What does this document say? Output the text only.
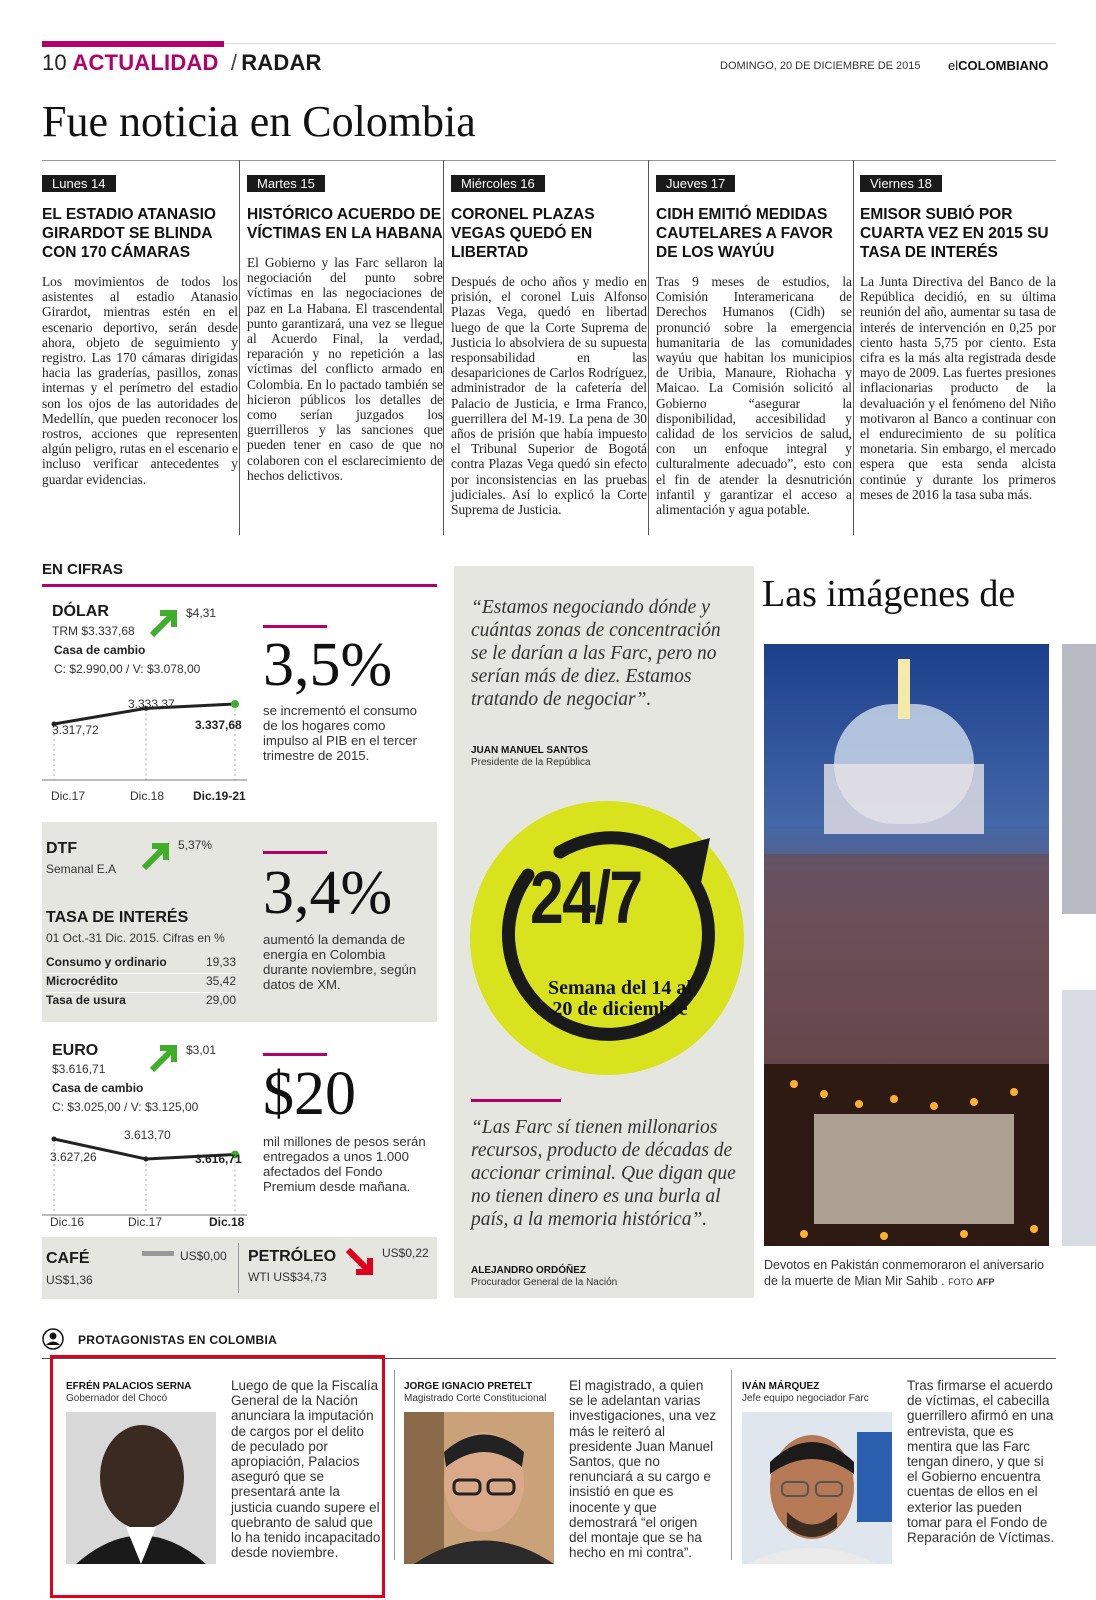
10 ACTUALIDAD / RADAR	DOMINGO, 20 DE DICIEMBRE DE 2015 elCOLOMBIANO
Fue noticia en Colombia
Lunes 14
EL ESTADIO ATANASIO GIRARDOT SE BLINDA CON 170 CÁMARAS

Los movimientos de todos los asistentes al estadio Atanasio Girardot, mientras estén en el escenario deportivo, serán desde ahora, objeto de seguimiento y registro. Las 170 cámaras dirigidas hacia las graderías, pasillos, zonas internas y el perímetro del estadio son los ojos de las autoridades de Medellín, que pueden reconocer los rostros, acciones que representen algún peligro, rutas en el escenario e incluso verificar antecedentes y guardar evidencias.

Martes 15
HISTÓRICO ACUERDO DE VÍCTIMAS EN LA HABANA

El Gobierno y las Farc sellaron la negociación del punto sobre víctimas en las negociaciones de paz en La Habana. El trascendental punto garantizará, una vez se llegue al Acuerdo Final, la verdad, reparación y no repetición a las víctimas del conflicto armado en Colombia. En lo pactado también se hicieron públicos los detalles de como serían juzgados los guerrilleros y las sanciones que pueden tener en caso de que no colaboren con el esclarecimiento de hechos delictivos.

Miércoles 16
CORONEL PLAZAS VEGAS QUEDÓ EN LIBERTAD

Después de ocho años y medio en prisión, el coronel Luis Alfonso Plazas Vega, quedó en libertad luego de que la Corte Suprema de Justicia lo absolviera de su supuesta responsabilidad en las desapariciones de Carlos Rodríguez, administrador de la cafetería del Palacio de Justicia, e Irma Franco, guerrillera del M-19. La pena de 30 años de prisión que había impuesto el Tribunal Superior de Bogotá contra Plazas Vega quedó sin efecto por inconsistencias en las pruebas judiciales. Así lo explicó la Corte Suprema de Justicia.

Jueves 17
CIDH EMITIÓ MEDIDAS CAUTELARES A FAVOR DE LOS WAYÚU

Tras 9 meses de estudios, la Comisión Interamericana de Derechos Humanos (Cidh) se pronunció sobre la emergencia humanitaria de las comunidades wayúu que habitan los municipios de Uribia, Manaure, Riohacha y Maicao. La Comisión solicitó al Gobierno “asegurar la disponibilidad, accesibilidad y calidad de los servicios de salud, con un enfoque integral y culturalmente adecuado”, esto con el fin de atender la desnutrición infantil y garantizar el acceso a alimentación y agua potable.

Viernes 18
EMISOR SUBIÓ POR CUARTA VEZ EN 2015 SU TASA DE INTERÉS

La Junta Directiva del Banco de la República decidió, en su última reunión del año, aumentar su tasa de interés de intervención en 0,25 por ciento hasta 5,75 por ciento. Esta cifra es la más alta registrada desde mayo de 2009. Las fuertes presiones inflacionarias producto de la devaluación y el fenómeno del Niño motivaron al Banco a continuar con el endurecimiento de su política monetaria. Sin embargo, el mercado espera que esta senda alcista continúe y durante los primeros meses de 2016 la tasa suba más.

EN CIFRAS
DÓLAR
TRM $3.337,68
$4,31
Casa de cambio
C: $2.990,00 / V: $3.078,00
3.317,72
3.333,37
3.337,68
Dic.17	Dic.18 Dic.19-21
3,5%
se incrementó el consumo de los hogares como impulso al PIB en el tercer trimestre de 2015.
DTF
Semanal E.A
5,37%
TASA DE INTERÉS
01 Oct.-31 Dic. 2015. Cifras en %
Consumo y ordinario	19,33
Microcrédito	35,42
Tasa de usura	29,00
3,4%
aumentó la demanda de energía en Colombia durante noviembre, según datos de XM.
EURO
$3.616,71
$3,01
Casa de cambio
C: $3.025,00 / V: $3.125,00
3.627,26
3.613,70
3.616,71
Dic.16	Dic.17	Dic.18
$20
mil millones de pesos serán entregados a unos 1.000 afectados del Fondo Premium desde mañana.
CAFÉ
US$1,36
US$0,00 PETRÓLEO
WTI US$34,73
US$0,22
“Estamos negociando dónde y cuántas zonas de concentración se le darían a las Farc, pero no serían más de diez. Estamos tratando de negociar”.
JUAN MANUEL SANTOS
Presidente de la República
24/7
Semana del 14 al
20 de diciembre
“Las Farc sí tienen millonarios recursos, producto de décadas de accionar criminal. Que digan que no tienen dinero es una burla al país, a la memoria histórica”.
ALEJANDRO ORDÓÑEZ
Procurador General de la Nación
Las imágenes de
Devotos en Pakistán conmemoraron el aniversario de la muerte de Mian Mir Sahib . FOTO AFP
PROTAGONISTAS EN COLOMBIA
EFRÉN PALACIOS SERNA
Gobernador del Chocó
Luego de que la Fiscalía General de la Nación anunciara la imputación de cargos por el delito de peculado por apropiación, Palacios aseguró que se presentará ante la justicia cuando supere el quebranto de salud que lo ha tenido incapacitado desde noviembre.
JORGE IGNACIO PRETELT
Magistrado Corte Constitucional
El magistrado, a quien se le adelantan varias investigaciones, una vez más le reiteró al presidente Juan Manuel Santos, que no renunciará a su cargo e insistió en que es inocente y que demostrará “el origen del montaje que se ha hecho en mi contra”.
IVÁN MÁRQUEZ
Jefe equipo negociador Farc
Tras firmarse el acuerdo de víctimas, el cabecilla guerrillero afirmó en una entrevista, que es mentira que las Farc tengan dinero, y que si el Gobierno encuentra cuentas de ellos en el exterior las pueden tomar para el Fondo de Reparación de Víctimas.
